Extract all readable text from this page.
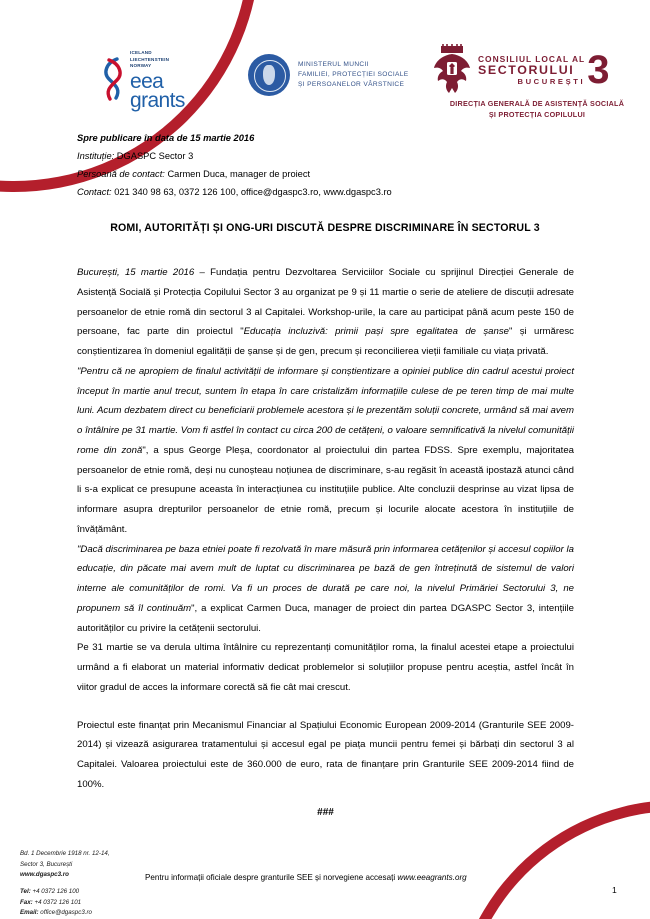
ICELAND
LIECHTENSTEIN
NORWAY
eea
grants
MINISTERUL MUNCII
FAMILIEI, PROTECȚIEI SOCIALE
ȘI PERSOANELOR VÂRSTNICE
CONSILIUL LOCAL AL
SECTORULUI
BUCUREȘTI 3
DIRECȚIA GENERALĂ DE ASISTENȚĂ SOCIALĂ
ȘI PROTECȚIA COPILULUI
Spre publicare în data de 15 martie 2016
Instituție: DGASPC Sector 3
Persoană de contact: Carmen Duca, manager de proiect
Contact: 021 340 98 63, 0372 126 100, office@dgaspc3.ro, www.dgaspc3.ro
ROMI, AUTORITĂȚI ȘI ONG-URI DISCUTĂ DESPRE DISCRIMINARE ÎN SECTORUL 3

București, 15 martie 2016 – Fundația pentru Dezvoltarea Serviciilor Sociale cu sprijinul Direcției Generale de Asistență Socială și Protecția Copilului Sector 3 au organizat pe 9 și 11 martie o serie de ateliere de discuții adresate persoanelor de etnie romă din sectorul 3 al Capitalei. Workshop-urile, la care au participat până acum peste 150 de persoane, fac parte din proiectul "Educația incluzivă: primii pași spre egalitatea de șanse" și urmăresc conștientizarea în domeniul egalității de șanse și de gen, precum și reconcilierea vieții familiale cu viața privată.

"Pentru că ne apropiem de finalul activității de informare și conștientizare a opiniei publice din cadrul acestui proiect început în martie anul trecut, suntem în etapa în care cristalizăm informațiile culese de pe teren timp de mai multe luni. Acum dezbatem direct cu beneficiarii problemele acestora și le prezentăm soluții concrete, urmând să mai avem o întâlnire pe 31 martie. Vom fi astfel în contact cu circa 200 de cetățeni, o valoare semnificativă la nivelul comunității rome din zonă", a spus George Pleșa, coordonator al proiectului din partea FDSS. Spre exemplu, majoritatea persoanelor de etnie romă, deși nu cunoșteau noțiunea de discriminare, s-au regăsit în această ipostază atunci când li s-a explicat ce presupune aceasta în interacțiunea cu instituțiile publice. Alte concluzii desprinse au vizat lipsa de informare asupra drepturilor persoanelor de etnie romă, precum și locurile alocate acestora în instituțiile de învățământ.

"Dacă discriminarea pe baza etniei poate fi rezolvată în mare măsură prin informarea cetățenilor și accesul copiilor la educație, din păcate mai avem mult de luptat cu discriminarea pe bază de gen întreținută de sistemul de valori interne ale comunităților de romi. Va fi un proces de durată pe care noi, la nivelul Primăriei Sectorului 3, ne propunem să îl continuăm", a explicat Carmen Duca, manager de proiect din partea DGASPC Sector 3, intențiile autorităților cu privire la cetățenii sectorului.

Pe 31 martie se va derula ultima întâlnire cu reprezentanți comunităților roma, la finalul acestei etape a proiectului urmând a fi elaborat un material informativ dedicat problemelor si soluțiilor propuse pentru aceștia, astfel încât în viitor gradul de acces la informare corectă să fie cât mai crescut.

Proiectul este finanțat prin Mecanismul Financiar al Spațiului Economic European 2009-2014 (Granturile SEE 2009-2014) și vizează asigurarea tratamentului și accesul egal pe piața muncii pentru femei și bărbați din sectorul 3 al Capitalei. Valoarea proiectului este de 360.000 de euro, rata de finanțare prin Granturile SEE 2009-2014 fiind de 100%.

###
Bd. 1 Decembrie 1918 nr. 12-14,
Sector 3, București
www.dgaspc3.ro
Tel: +4 0372 126 100
Fax: +4 0372 126 101
Email: office@dgaspc3.ro
Pentru informații oficiale despre granturile SEE și norvegiene accesați www.eeagrants.org
1
